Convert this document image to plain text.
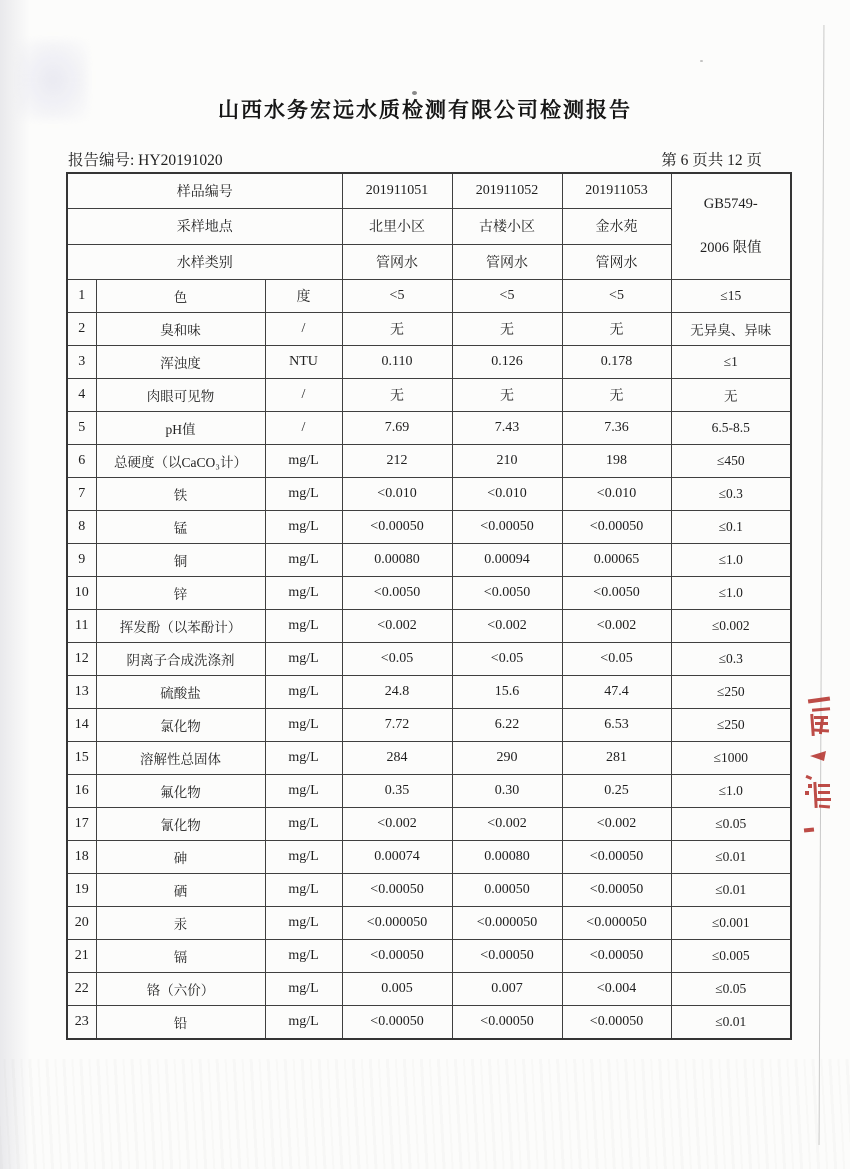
山西水务宏远水质检测有限公司检测报告
报告编号: HY20191020	第 6 页共 12 页
样品编号			201911051	201911052	201911053	GB5749-
2006 限值

采样地点			北里小区	古楼小区	金水苑	
水样类别			管网水	管网水	管网水	
1	色	度	<5	<5	<5	≤15
2	臭和味	/	无	无	无	无异臭、异味
3	浑浊度	NTU	0.110	0.126	0.178	≤1
4	肉眼可见物	/	无	无	无	无
5	pH值	/	7.69	7.43	7.36	6.5-8.5
6	总硬度（以CaCO₃计）	mg/L	212	210	198	≤450
7	铁	mg/L	<0.010	<0.010	<0.010	≤0.3
8	锰	mg/L	<0.00050	<0.00050	<0.00050	≤0.1
9	铜	mg/L	0.00080	0.00094	0.00065	≤1.0
10	锌	mg/L	<0.0050	<0.0050	<0.0050	≤1.0
11	挥发酚（以苯酚计）	mg/L	<0.002	<0.002	<0.002	≤0.002
12	阴离子合成洗涤剂	mg/L	<0.05	<0.05	<0.05	≤0.3
13	硫酸盐	mg/L	24.8	15.6	47.4	≤250
14	氯化物	mg/L	7.72	6.22	6.53	≤250
15	溶解性总固体	mg/L	284	290	281	≤1000
16	氟化物	mg/L	0.35	0.30	0.25	≤1.0
17	氰化物	mg/L	<0.002	<0.002	<0.002	≤0.05
18	砷	mg/L	0.00074	0.00080	<0.00050	≤0.01
19	硒	mg/L	<0.00050	0.00050	<0.00050	≤0.01
20	汞	mg/L	<0.000050	<0.000050	<0.000050	≤0.001
21	镉	mg/L	<0.00050	<0.00050	<0.00050	≤0.005
22	铬（六价）	mg/L	0.005	0.007	<0.004	≤0.05
23	铅	mg/L	<0.00050	<0.00050	<0.00050	≤0.01
